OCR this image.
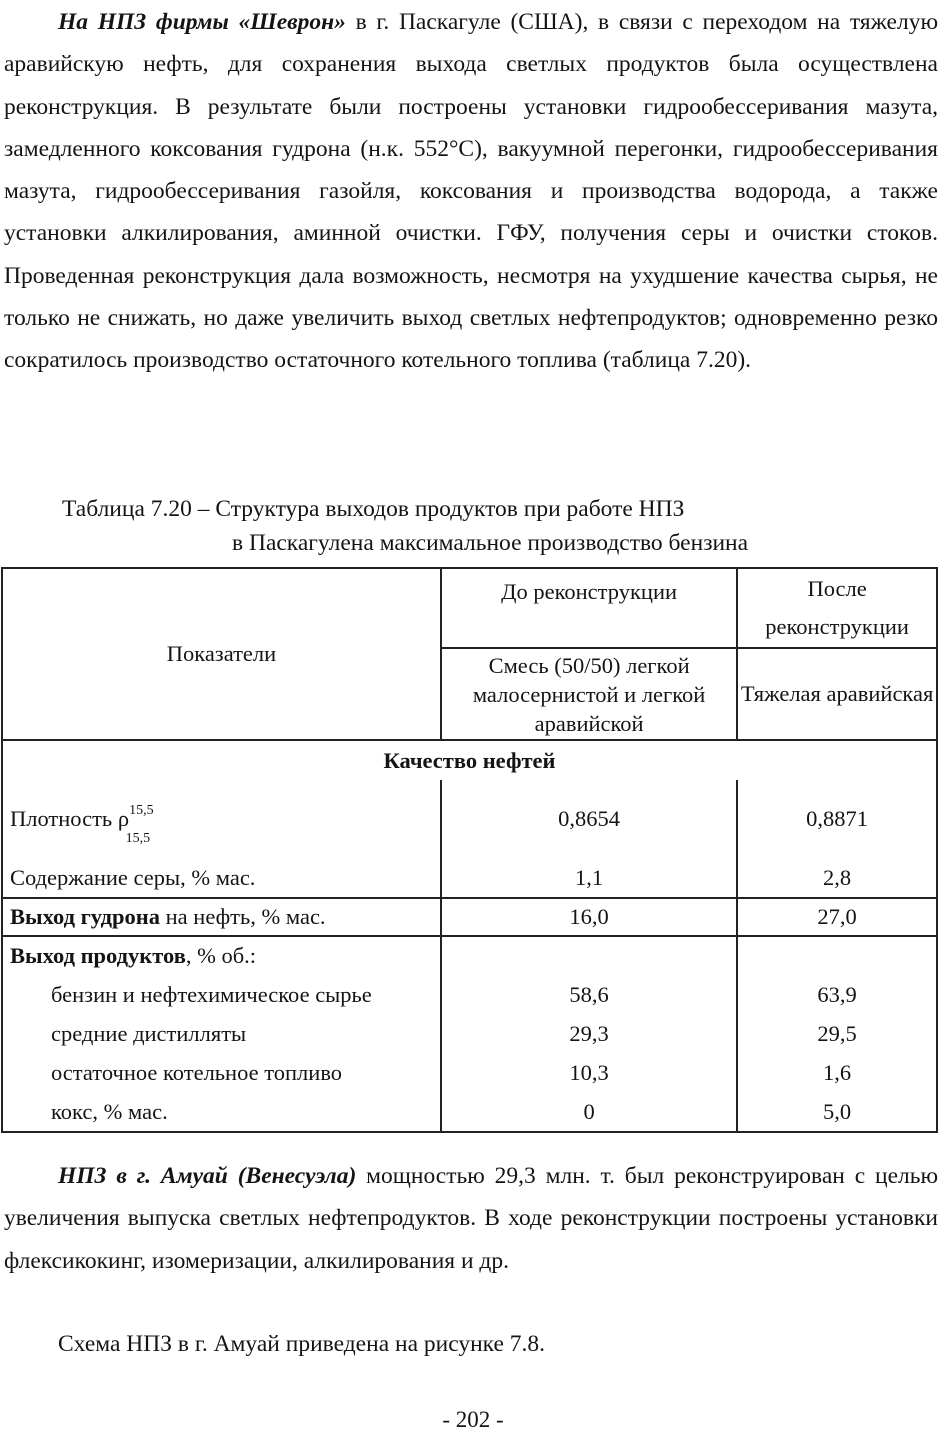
На НПЗ фирмы «Шеврон» в г. Паскагуле (США), в связи с переходом на тяжелую аравийскую нефть, для сохранения выхода светлых продуктов была осуществлена реконструкция. В результате были построены установки гидрообессеривания мазута, замедленного коксования гудрона (н.к. 552°С), вакуумной перегонки, гидрообессеривания мазута, гидрообессеривания газойля, коксования и производства водорода, а также установки алкилирования, аминной очистки. ГФУ, получения серы и очистки стоков. Проведенная реконструкция дала возможность, несмотря на ухудшение качества сырья, не только не снижать, но даже увеличить выход светлых нефтепродуктов; одновременно резко сократилось производство остаточного котельного топлива (таблица 7.20).

Таблица 7.20 – Структура выходов продуктов при работе НПЗ
в Паскагулена максимальное производство бензина
Показатели	До реконструкции	После реконструкции
	Смесь (50/50) легкой малосернистой и легкой аравийской	Тяжелая аравийская
Качество нефтей		
Плотность $\rho^{15,5}_{15,5}$	0,8654	0,8871
Содержание серы, % мас.	1,1	2,8
Выход гудрона на нефть, % мас.	16,0	27,0
Выход продуктов, % об.:		
бензин и нефтехимическое сырье	58,6	63,9
средние дистилляты	29,3	29,5
остаточное котельное топливо	10,3	1,6
кокс, % мас.	0	5,0

НПЗ в г. Амуай (Венесуэла) мощностью 29,3 млн. т. был реконструирован с целью увеличения выпуска светлых нефтепродуктов. В ходе реконструкции построены установки флексикокинг, изомеризации, алкилирования и др.

Схема НПЗ в г. Амуай приведена на рисунке 7.8.

- 202 -
